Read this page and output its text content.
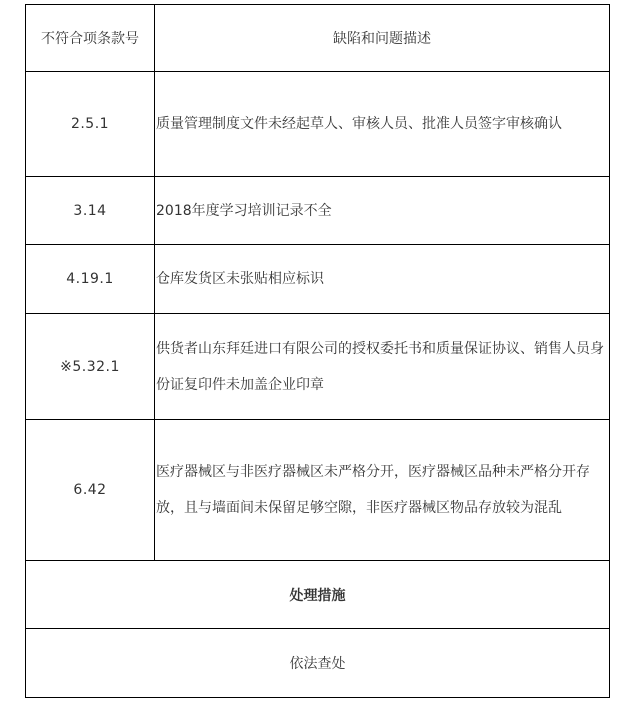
不符合项条款号	缺陷和问题描述
2.5.1	质量管理制度文件未经起草人、审核人员、批准人员签字审核确认
3.14	2018年度学习培训记录不全
4.19.1	仓库发货区未张贴相应标识
※5.32.1	供货者山东拜廷进口有限公司的授权委托书和质量保证协议、销售人员身份证复印件未加盖企业印章
6.42	医疗器械区与非医疗器械区未严格分开，医疗器械区品种未严格分开存放，且与墙面间未保留足够空隙，非医疗器械区物品存放较为混乱
处理措施	
依法查处	
